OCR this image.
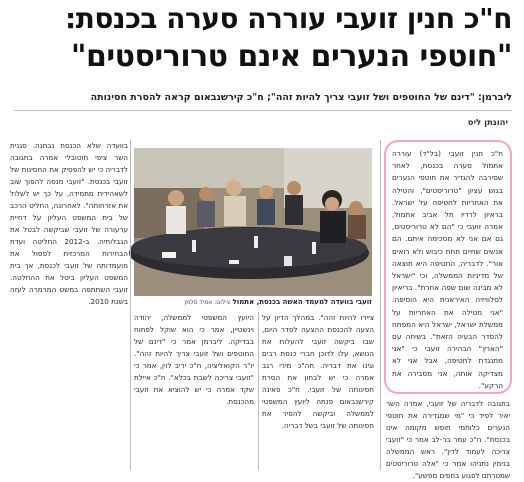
ח"כ חנין זועבי עוררה סערה בכנסת:
"חוטפי הנערים אינם טרוריסטים"
ליברמן: "דינם של החוטפים ושל זועבי צריך להיות זהה"; ח"כ קירשנבאום קראה להסרת חסינותה
יהונתן ליס
ח"כ חנין זועבי (בל"ד) עוררה אתמול סערה בכנסת, לאחר שסירבה להגדיר את חוטפי הנערים בגוש עציון "טרוריסטים", והטילה את האחריות לחטיפה על ישראל. בראיון לרדיו תל אביב אתמול, אמרה זועבי כי "הם לא טרוריסטים, גם אם אני לא מסכימה איתם. הם אנשים שחיים תחת כיבוש ולא רואים אור". לדבריה, החטיפה היא תוצאה של מדיניות הממשלה, וכי "ישראל לא מבינה שום שפה אחרת". בריאיון לסלוויזיה האיראנית היא הוסיפה: "אני מטילה את האחריות על ממשלת ישראל, ישראל היא המפתח להסדר הבעיה הזאת". בשיחה עם "הארץ" הבהירה זועבי כי "אני מתנגדת לחטיפה, אבל אני לא מצדיקה אותה, אני מסבירה את הרקע".
בתגובה לדבריה של זועבי, אמרה השר יאיר לפיד כי "מי שמגדירה את חוטפי הנערים כלוחמי חופש מקומה אינו בכנסת". ח"כ עמר בר-לב אמר כי "זועבי צריכה לעמוד לדין". ראש הממשלה בנימין נתניהו אמר כי "אלה טרוריסטים שמטרתם לפגוע בחפים מפשע".
זועבי בוועדה למעמד האשה בכנסת, אתמול צילום: אמיל סלמן
ציירו להיות זהה". במהלך הדיון על הצעה להכנסת ההצעה לסדר היום, שבו ביקשה זועבי להעלות את הנושא, עלו לדוכן חברי כנסת רבים וגינו את דבריה. חה"כ מירי רגב אמרה כי יש לבחון את הסרת חסינותה של זועבי. ח"כ פאינה קירשנבאום פנתה ליועץ המשפטי לממשלה וביקשה להסיר את חסינותה של זועבי בשל דבריה.
היועץ המשפטי לממשלה, יהודה וינשטיין, אמר כי הוא שוקל לפתוח בבדיקה. ליברמן אמר כי "דינם של החוטפים ושל זועבי צריך להיות זהה". יו"ר הקואליציה, ח"כ יריב לוין, אמר כי "זועבי צריכה לשבת בכלא". ח"כ איילת שקד אמרה כי יש להוציא את זועבי מהכנסת.
בוועדה שלא הכנסת נבחנה. סגנית השר ציפי חוטובלי אמרה בתגובה לדבריה כי יש להפסיק את החסינות של זועבי בכנסת. "זועבי מנסה להפוך שוב לשאהידית מתמידה, על כך יש לשלול את אזרחותה". לאחרונה, החליט הרכב של בית המשפט העליון על דחיית ערעורה של זועבי שביקשה לבטל את הגבלותיה. ב-2012 החליטה ועדת הבחירות המרכזית לפסול את מועמדותה של זועבי לכנסת, אך בית המשפט העליון ביטל את ההחלטה. זועבי השתתפה במשט המרמרה לעזה בשנת 2010.
